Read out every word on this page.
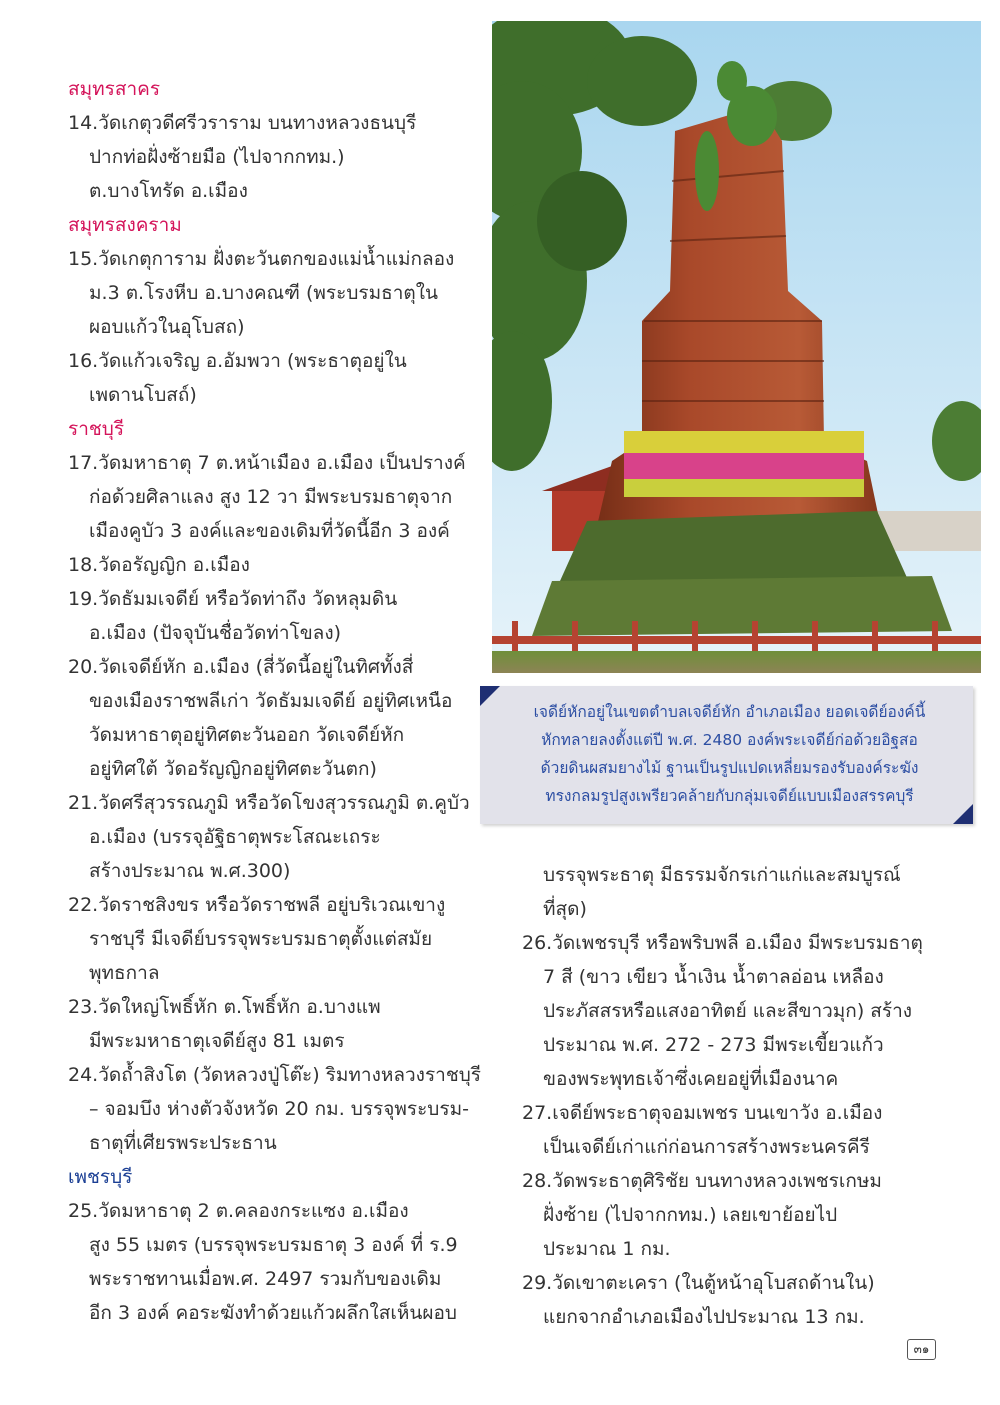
สมุทรสาคร
14.วัดเกตุวดีศรีวราราม บนทางหลวงธนบุรี
ปากท่อฝั่งซ้ายมือ (ไปจากกทม.)
ต.บางโทรัด อ.เมือง
สมุทรสงคราม
15.วัดเกตุการาม ฝั่งตะวันตกของแม่น้ำแม่กลอง
ม.3 ต.โรงหีบ อ.บางคณฑี (พระบรมธาตุใน
ผอบแก้วในอุโบสถ)
16.วัดแก้วเจริญ อ.อัมพวา (พระธาตุอยู่ใน
เพดานโบสถ์)
ราชบุรี
17.วัดมหาธาตุ 7 ต.หน้าเมือง อ.เมือง เป็นปรางค์
ก่อด้วยศิลาแลง สูง 12 วา มีพระบรมธาตุจาก
เมืองคูบัว 3 องค์และของเดิมที่วัดนี้อีก 3 องค์
18.วัดอรัญญิก อ.เมือง
19.วัดธัมมเจดีย์ หรือวัดท่าถึง วัดหลุมดิน
อ.เมือง (ปัจจุบันชื่อวัดท่าโขลง)
20.วัดเจดีย์หัก อ.เมือง (สี่วัดนี้อยู่ในทิศทั้งสี่
ของเมืองราชพลีเก่า วัดธัมมเจดีย์ อยู่ทิศเหนือ
วัดมหาธาตุอยู่ทิศตะวันออก วัดเจดีย์หัก
อยู่ทิศใต้ วัดอรัญญิกอยู่ทิศตะวันตก)
21.วัดศรีสุวรรณภูมิ หรือวัดโขงสุวรรณภูมิ ต.คูบัว
อ.เมือง (บรรจุอัฐิธาตุพระโสณะเถระ
สร้างประมาณ พ.ศ.300)
22.วัดราชสิงขร หรือวัดราชพลี อยู่บริเวณเขางู
ราชบุรี มีเจดีย์บรรจุพระบรมธาตุตั้งแต่สมัย
พุทธกาล
23.วัดใหญ่โพธิ์หัก ต.โพธิ์หัก อ.บางแพ
มีพระมหาธาตุเจดีย์สูง 81 เมตร
24.วัดถ้ำสิงโต (วัดหลวงปู่โต๊ะ) ริมทางหลวงราชบุรี
– จอมบึง ห่างตัวจังหวัด 20 กม. บรรจุพระบรม-
ธาตุที่เศียรพระประธาน
เพชรบุรี
25.วัดมหาธาตุ 2 ต.คลองกระแซง อ.เมือง
สูง 55 เมตร (บรรจุพระบรมธาตุ 3 องค์ ที่ ร.9
พระราชทานเมื่อพ.ศ. 2497 รวมกับของเดิม
อีก 3 องค์ คอระฆังทำด้วยแก้วผลึกใสเห็นผอบ
บรรจุพระธาตุ มีธรรมจักรเก่าแก่และสมบูรณ์
ที่สุด)
26.วัดเพชรบุรี หรือพริบพลี อ.เมือง มีพระบรมธาตุ
7 สี (ขาว เขียว น้ำเงิน น้ำตาลอ่อน เหลือง
ประภัสสรหรือแสงอาทิตย์ และสีขาวมุก) สร้าง
ประมาณ พ.ศ. 272 - 273 มีพระเขี้ยวแก้ว
ของพระพุทธเจ้าซึ่งเคยอยู่ที่เมืองนาค
27.เจดีย์พระธาตุจอมเพชร บนเขาวัง อ.เมือง
เป็นเจดีย์เก่าแก่ก่อนการสร้างพระนครคีรี
28.วัดพระธาตุศิริชัย บนทางหลวงเพชรเกษม
ฝั่งซ้าย (ไปจากกทม.) เลยเขาย้อยไป
ประมาณ 1 กม.
29.วัดเขาตะเครา (ในตู้หน้าอุโบสถด้านใน)
แยกจากอำเภอเมืองไปประมาณ 13 กม.
เจดีย์หักอยู่ในเขตตำบลเจดีย์หัก อำเภอเมือง ยอดเจดีย์องค์นี้
หักทลายลงตั้งแต่ปี พ.ศ. 2480 องค์พระเจดีย์ก่อด้วยอิฐสอ
ด้วยดินผสมยางไม้ ฐานเป็นรูปแปดเหลี่ยมรองรับองค์ระฆัง
ทรงกลมรูปสูงเพรียวคล้ายกับกลุ่มเจดีย์แบบเมืองสรรคบุรี
๓๑
